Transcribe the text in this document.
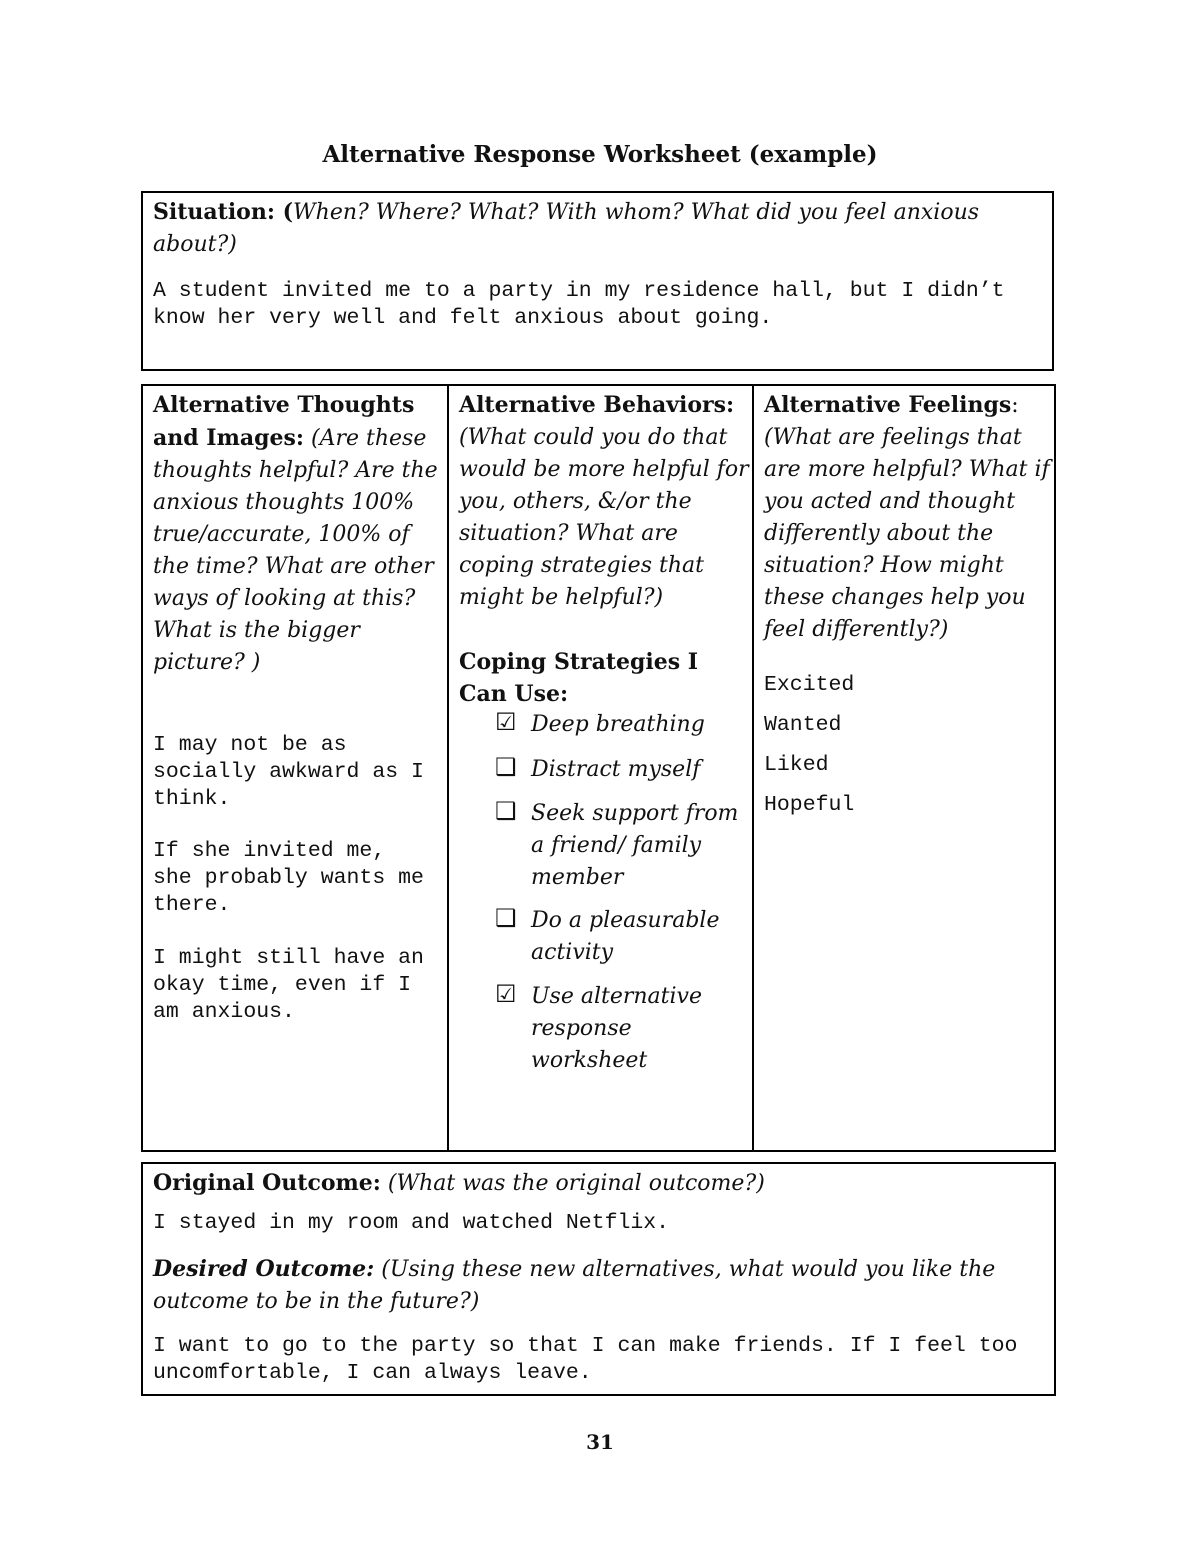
Alternative Response Worksheet (example)
Situation: (When? Where? What? With whom? What did you feel anxious about?)
A student invited me to a party in my residence hall, but I didn’t know her very well and felt anxious about going.
Alternative Thoughts and Images: (Are these thoughts helpful? Are the anxious thoughts 100% true/accurate, 100% of the time? What are other ways of looking at this? What is the bigger picture? )
I may not be as socially awkward as I think.
If she invited me, she probably wants me there.
I might still have an okay time, even if I am anxious.
Alternative Behaviors: (What could you do that would be more helpful for you, others, &/or the situation? What are coping strategies that might be helpful?)
Coping Strategies I Can Use:
☑ Deep breathing
❑ Distract myself
❑ Seek support from a friend/ family member
❑ Do a pleasurable activity
☑ Use alternative response worksheet
Alternative Feelings: (What are feelings that are more helpful? What if you acted and thought differently about the situation? How might these changes help you feel differently?)
Excited
Wanted
Liked
Hopeful
Original Outcome: (What was the original outcome?)
I stayed in my room and watched Netflix.
Desired Outcome: (Using these new alternatives, what would you like the outcome to be in the future?)
I want to go to the party so that I can make friends. If I feel too uncomfortable, I can always leave.
31
